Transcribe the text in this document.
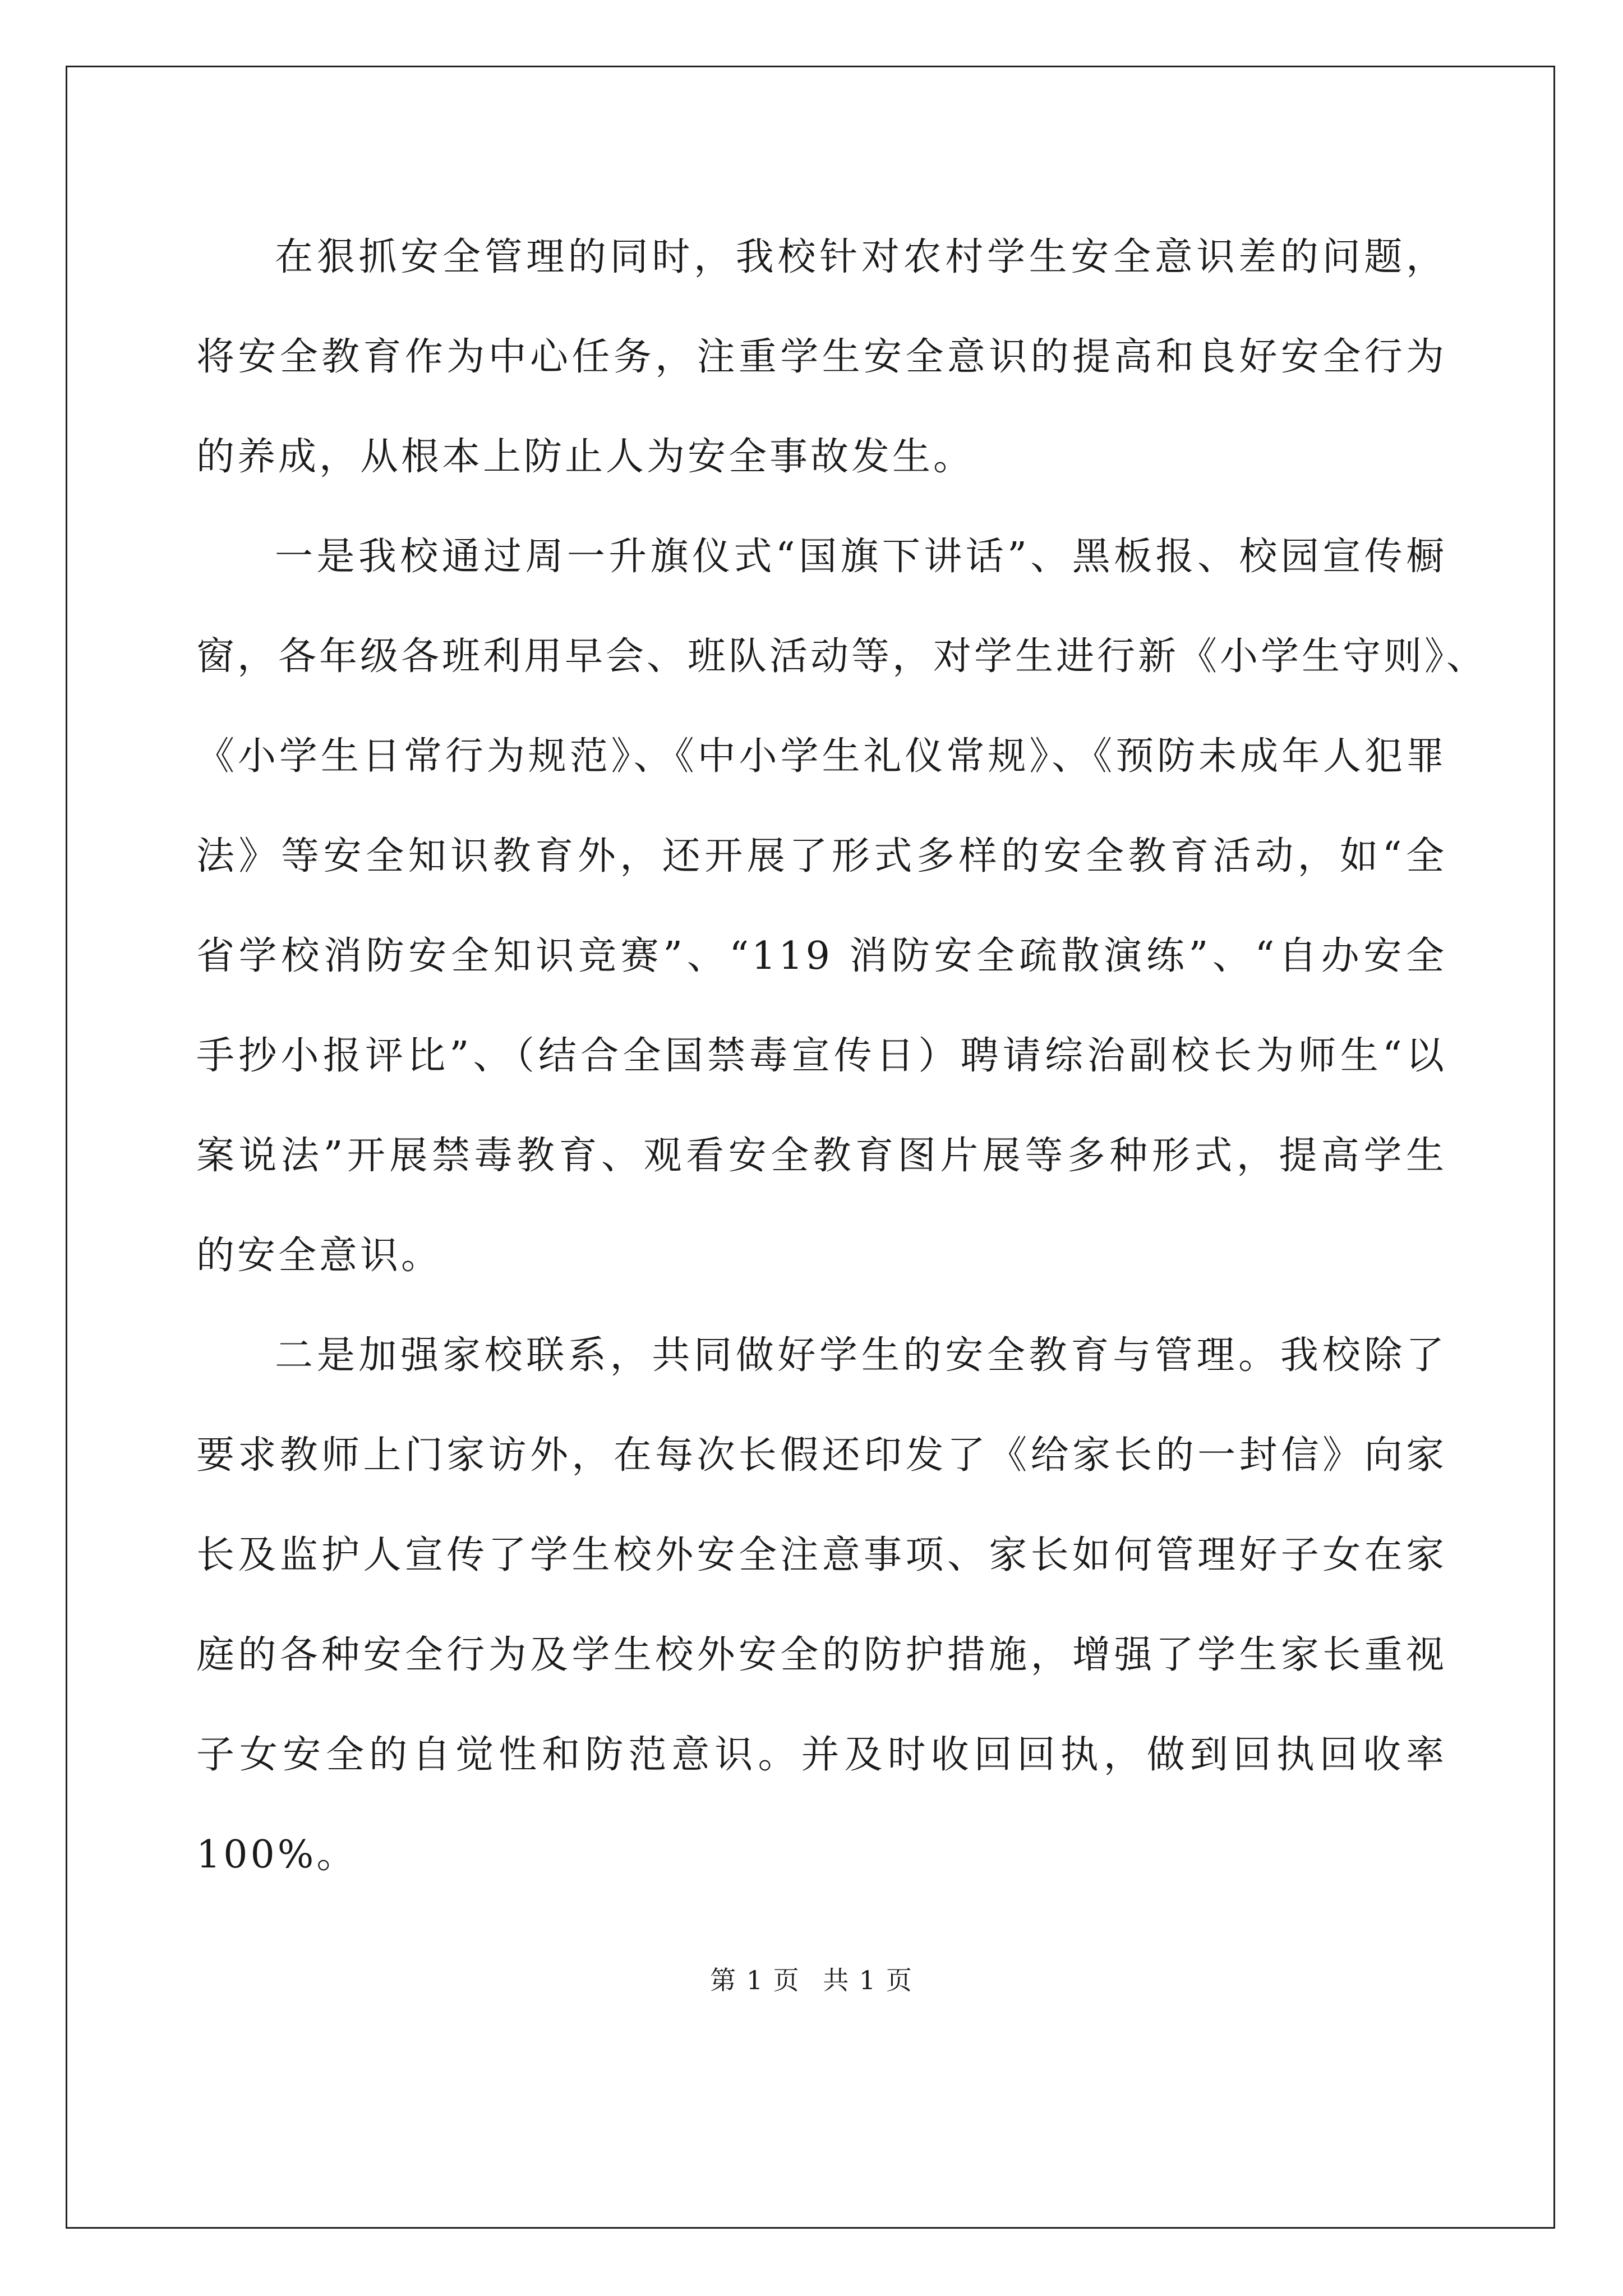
在狠抓安全管理的同时，我校针对农村学生安全意识差的问题，
将安全教育作为中心任务，注重学生安全意识的提高和良好安全行为
的养成，从根本上防止人为安全事故发生。
一是我校通过周一升旗仪式“国旗下讲话”、黑板报、校园宣传橱
窗，各年级各班利用早会、班队活动等，对学生进行新《小学生守则》、
《小学生日常行为规范》、《中小学生礼仪常规》、《预防未成年人犯罪
法》等安全知识教育外，还开展了形式多样的安全教育活动，如“全
省学校消防安全知识竞赛”、“119 消防安全疏散演练”、“自办安全
手抄小报评比”、（结合全国禁毒宣传日）聘请综治副校长为师生“以
案说法”开展禁毒教育、观看安全教育图片展等多种形式，提高学生
的安全意识。
二是加强家校联系，共同做好学生的安全教育与管理。我校除了
要求教师上门家访外，在每次长假还印发了《给家长的一封信》向家
长及监护人宣传了学生校外安全注意事项、家长如何管理好子女在家
庭的各种安全行为及学生校外安全的防护措施，增强了学生家长重视
子女安全的自觉性和防范意识。并及时收回回执，做到回执回收率
100%。
第 1 页 共 1 页
